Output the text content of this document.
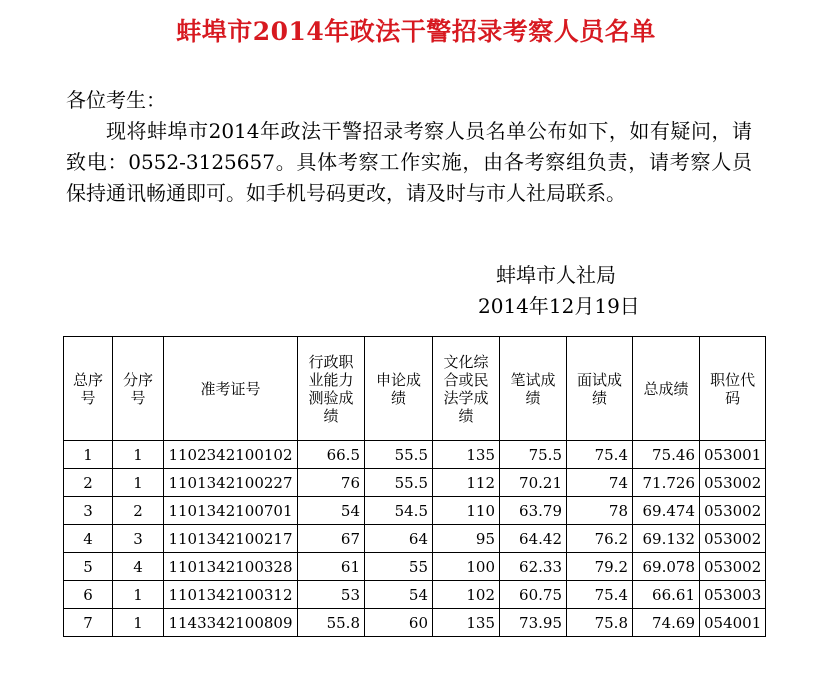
蚌埠市2014年政法干警招录考察人员名单
各位考生：
现将蚌埠市2014年政法干警招录考察人员名单公布如下，如有疑问，请致电：0552-3125657。具体考察工作实施，由各考察组负责，请考察人员保持通讯畅通即可。如手机号码更改，请及时与市人社局联系。
蚌埠市人社局
2014年12月19日
总序号	分序号	准考证号	行政职业能力测验成绩	申论成绩	文化综合或民法学成绩	笔试成绩	面试成绩	总成绩	职位代码
1	1	1102342100102	66.5	55.5	135	75.5	75.4	75.46	053001
2	1	1101342100227	76	55.5	112	70.21	74	71.726	053002
3	2	1101342100701	54	54.5	110	63.79	78	69.474	053002
4	3	1101342100217	67	64	95	64.42	76.2	69.132	053002
5	4	1101342100328	61	55	100	62.33	79.2	69.078	053002
6	1	1101342100312	53	54	102	60.75	75.4	66.61	053003
7	1	1143342100809	55.8	60	135	73.95	75.8	74.69	054001
